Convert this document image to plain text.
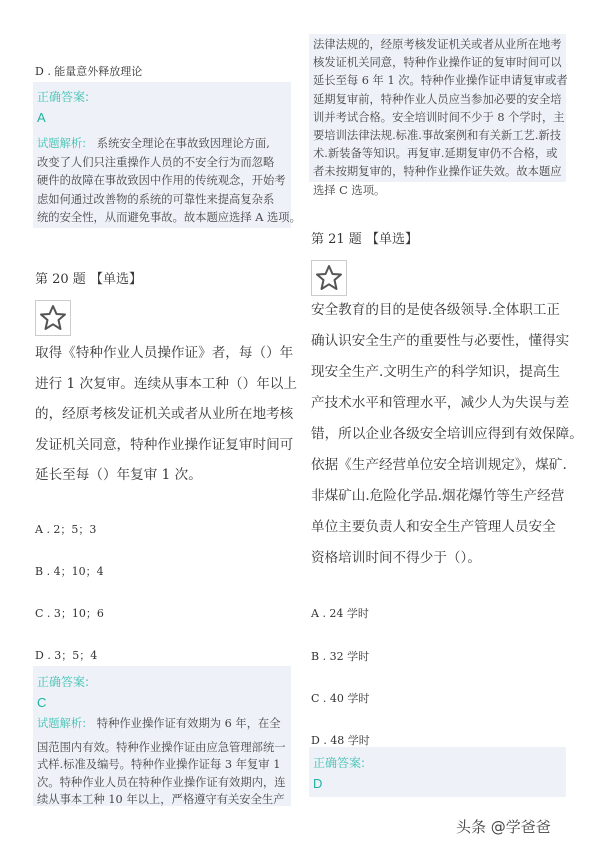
D . 能量意外释放理论
正确答案:
A
试题解析: 系统安全理论在事故致因理论方面,
改变了人们只注重操作人员的不安全行为而忽略
硬件的故障在事故致因中作用的传统观念，开始考
虑如何通过改善物的系统的可靠性来提高复杂系
统的安全性，从而避免事故。故本题应选择 A 选项。
第 20 题 【单选】
取得《特种作业人员操作证》者，每（）年
进行 1 次复审。连续从事本工种（）年以上
的，经原考核发证机关或者从业所在地考核
发证机关同意，特种作业操作证复审时间可
延长至每（）年复审 1 次。
A . 2；5；3
B . 4；10；4
C . 3；10；6
D . 3；5；4
正确答案:
C
试题解析: 特种作业操作证有效期为 6 年，在全
国范围内有效。特种作业操作证由应急管理部统一
式样.标准及编号。特种作业操作证每 3 年复审 1
次。特种作业人员在特种作业操作证有效期内，连
续从事本工种 10 年以上，严格遵守有关安全生产
法律法规的，经原考核发证机关或者从业所在地考
核发证机关同意，特种作业操作证的复审时间可以
延长至每 6 年 1 次。特种作业操作证申请复审或者
延期复审前，特种作业人员应当参加必要的安全培
训并考试合格。安全培训时间不少于 8 个学时，主
要培训法律法规.标准.事故案例和有关新工艺.新技
术.新装备等知识。再复审.延期复审仍不合格，或
者未按期复审的，特种作业操作证失效。故本题应
选择 C 选项。
第 21 题 【单选】
安全教育的目的是使各级领导.全体职工正
确认识安全生产的重要性与必要性，懂得实
现安全生产.文明生产的科学知识，提高生
产技术水平和管理水平，减少人为失误与差
错，所以企业各级安全培训应得到有效保障。
依据《生产经营单位安全培训规定》，煤矿.
非煤矿山.危险化学品.烟花爆竹等生产经营
单位主要负责人和安全生产管理人员安全
资格培训时间不得少于（）。
A . 24 学时
B . 32 学时
C . 40 学时
D . 48 学时
正确答案:
D
头条 @学爸爸
